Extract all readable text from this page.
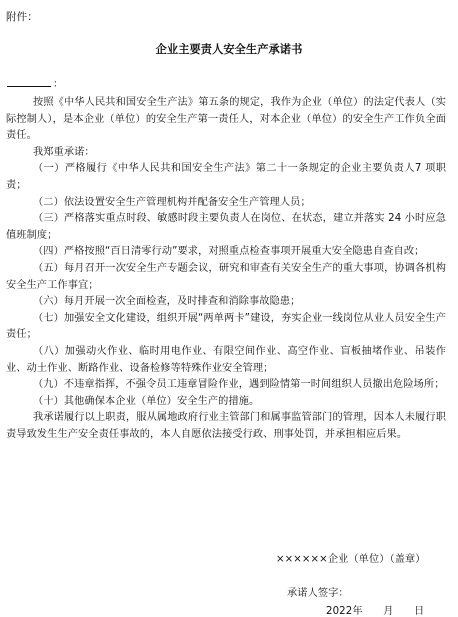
附件：
企业主要责人安全生产承诺书
：

按照《中华人民共和国安全生产法》第五条的规定，我作为企业（单位）的法定代表人（实际控制人），是本企业（单位）的安全生产第一责任人，对本企业（单位）的安全生产工作负全面责任。

我郑重承诺：

（一）严格履行《中华人民共和国安全生产法》第二十一条规定的企业主要负责人7 项职责；

（二）依法设置安全生产管理机构并配备安全生产管理人员；

（三）严格落实重点时段、敏感时段主要负责人在岗位、在状态，建立并落实 24 小时应急值班制度；

（四）严格按照“百日清零行动”要求，对照重点检查事项开展重大安全隐患自查自改；

（五）每月召开一次安全生产专题会议，研究和审查有关安全生产的重大事项，协调各机构安全生产工作事宜；

（六）每月开展一次全面检查，及时排查和消除事故隐患；

（七）加强安全文化建设，组织开展“两单两卡”建设，夯实企业一线岗位从业人员安全生产责任；

（八）加强动火作业、临时用电作业、有限空间作业、高空作业、盲板抽堵作业、吊装作业、动土作业、断路作业、设备检修等特殊作业安全管理；

（九）不违章指挥，不强令员工违章冒险作业，遇到险情第一时间组织人员撤出危险场所；

（十）其他确保本企业（单位）安全生产的措施。

我承诺履行以上职责，服从属地政府行业主管部门和属事监管部门的管理，因本人未履行职责导致发生生产安全责任事故的，本人自愿依法接受行政、刑事处罚，并承担相应后果。

××××××企业（单位）（盖章）
承诺人签字：
2022年　　月　　日
